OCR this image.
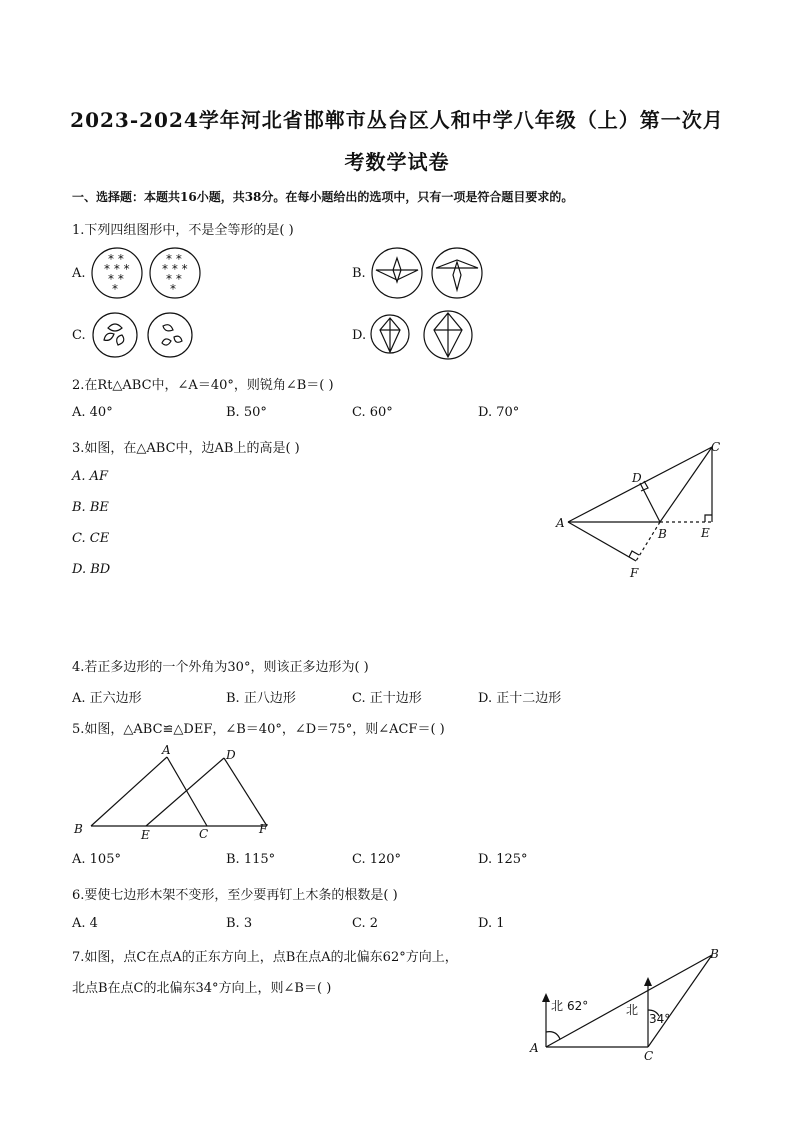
2023-2024学年河北省邯郸市丛台区人和中学八年级（上）第一次月
考数学试卷
一、选择题：本题共16小题，共38分。在每小题给出的选项中，只有一项是符合题目要求的。
1.下列四组图形中，不是全等形的是( )
A.	B.
C.	D.
* *
* * *
* *
*
* *
* * *
* *
*
2.在Rt△ABC中，∠A＝40°，则锐角∠B＝( )
A. 40°	B. 50°	C. 60°	D. 70°
3.如图，在△ABC中，边AB上的高是( )
A. AF
B. BE
C. CE
D. BD
A
B
C
D
E
F
4.若正多边形的一个外角为30°，则该正多边形为( )
A. 正六边形	B. 正八边形	C. 正十边形	D. 正十二边形
5.如图，△ABC≌△DEF，∠B＝40°，∠D＝75°，则∠ACF＝( )
A	D
B	E	C	F
A. 105°	B. 115°	C. 120°	D. 125°
6.要使七边形木架不变形，至少要再钉上木条的根数是( )
A. 4	B. 3	C. 2	D. 1
7.如图，点C在点A的正东方向上，点B在点A的北偏东62°方向上，
北点B在点C的北偏东34°方向上，则∠B＝( )
北 62°	北
34°
A
B
C
